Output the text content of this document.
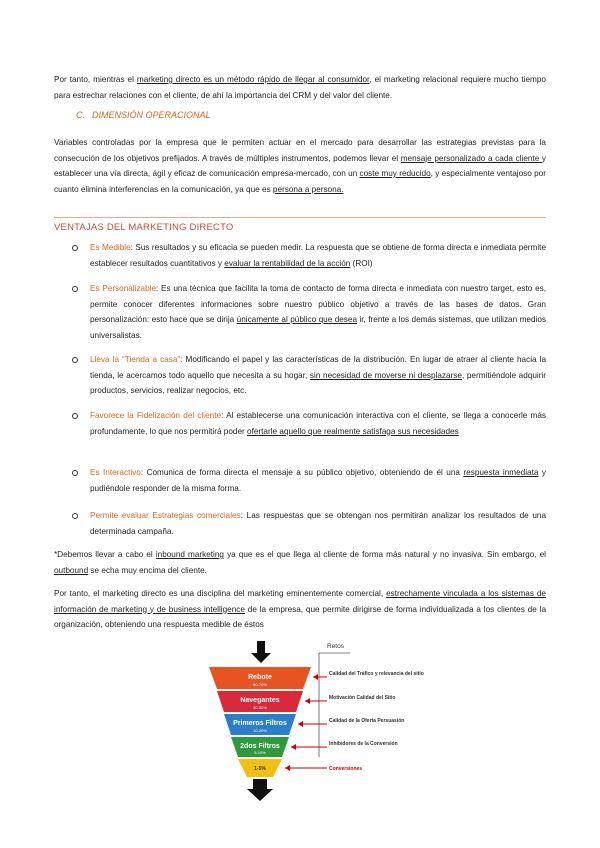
Por tanto, mientras el marketing directo es un método rápido de llegar al consumidor, el marketing relacional requiere mucho tiempo para estrechar relaciones con el cliente, de ahí la importancia del CRM y del valor del cliente.
C. DIMENSIÓN OPERACIONAL
Variables controladas por la empresa que le permiten actuar en el mercado para desarrollar las estrategias previstas para la consecución de los objetivos prefijados. A través de múltiples instrumentos, podemos llevar el mensaje personalizado a cada cliente y establecer una vía directa, ágil y eficaz de comunicación empresa-mercado, con un coste muy reducido, y especialmente ventajoso por cuanto elimina interferencias en la comunicación, ya que es persona a persona.
VENTAJAS DEL MARKETING DIRECTO
Es Medible: Sus resultados y su eficacia se pueden medir. La respuesta que se obtiene de forma directa e inmediata permite establecer resultados cuantitativos y evaluar la rentabilidad de la acción (ROI)
Es Personalizable: Es una técnica que facilita la toma de contacto de forma directa e inmediata con nuestro target, esto es, permite conocer diferentes informaciones sobre nuestro público objetivo a través de las bases de datos. Gran personalización: esto hace que se dirija únicamente al público que desea ir, frente a los demás sistemas, que utilizan medios universalistas.
Lleva la “Tienda a casa”: Modificando el papel y las características de la distribución. En lugar de atraer al cliente hacia la tienda, le acercamos todo aquello que necesita a su hogar, sin necesidad de moverse ni desplazarse, permitiéndole adquirir productos, servicios, realizar negocios, etc.
Favorece la Fidelización del cliente: Al establecerse una comunicación interactiva con el cliente, se llega a conocerle más profundamente, lo que nos permitirá poder ofertarle aquello que realmente satisfaga sus necesidades
Es Interactivo: Comunica de forma directa el mensaje a su público objetivo, obteniendo de él una respuesta inmediata y pudiéndole responder de la misma forma.
Permite evaluar Estrategias comerciales: Las respuestas que se obtengan nos permitirán analizar los resultados de una determinada campaña.
*Debemos llevar a cabo el inbound marketing ya que es el que llega al cliente de forma más natural y no invasiva. Sin embargo, el outbound se echa muy encima del cliente.
Por tanto, el marketing directo es una disciplina del marketing eminentemente comercial, estrechamente vinculada a los sistemas de información de marketing y de business intelligence de la empresa, que permite dirigirse de forma individualizada a los clientes de la organización, obteniendo una respuesta medible de éstos
Retos
Rebote
50-70%
Navegantes
30-50%
Primeros Filtros
10-20%
2dos Filtros
5-10%
1-5%
Calidad del Tráfico y relevancia del sitio
Motivación Calidad del Sitio
Calidad de la Oferta Persuasión
Inhibidores de la Conversión
Conversiones
